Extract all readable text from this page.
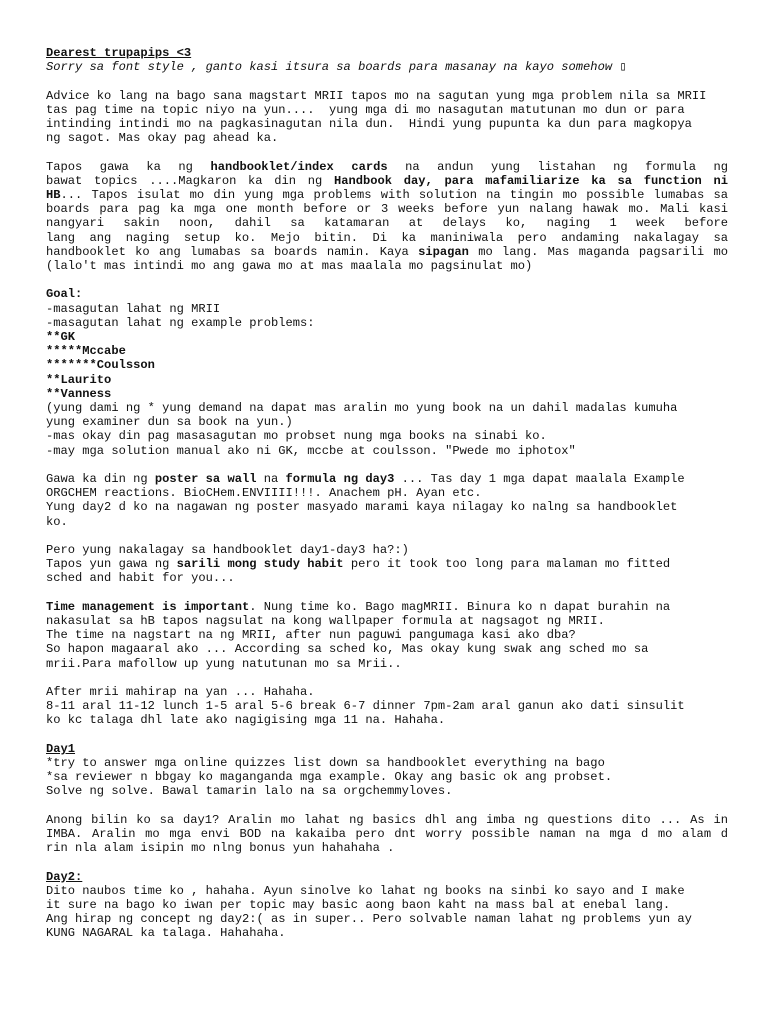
Dearest trupapips <3
Sorry sa font style , ganto kasi itsura sa boards para masanay na kayo somehow ▯
Advice ko lang na bago sana magstart MRII tapos mo na sagutan yung mga problem nila sa MRII
tas pag time na topic niyo na yun....  yung mga di mo nasagutan matutunan mo dun or para
intinding intindi mo na pagkasinagutan nila dun.  Hindi yung pupunta ka dun para magkopya
ng sagot. Mas okay pag ahead ka.
Tapos gawa ka ng handbooklet/index cards na andun yung listahan ng formula ng
bawat topics ....Magkaron ka din ng Handbook day, para mafamiliarize ka sa function ni
HB... Tapos isulat mo din yung mga problems with solution na tingin mo possible lumabas sa
boards para pag ka mga one month before or 3 weeks before yun nalang hawak mo. Mali kasi
nangyari sakin noon, dahil sa katamaran at delays ko, naging 1 week before
lang ang naging setup ko. Mejo bitin. Di ka maniniwala pero andaming nakalagay sa
handbooklet ko ang lumabas sa boards namin. Kaya sipagan mo lang. Mas maganda pagsarili mo
(lalo't mas intindi mo ang gawa mo at mas maalala mo pagsinulat mo)
Goal:
-masagutan lahat ng MRII
-masagutan lahat ng example problems:
**GK
*****Mccabe
*******Coulsson
**Laurito
**Vanness
(yung dami ng * yung demand na dapat mas aralin mo yung book na un dahil madalas kumuha
yung examiner dun sa book na yun.)
-mas okay din pag masasagutan mo probset nung mga books na sinabi ko.
-may mga solution manual ako ni GK, mccbe at coulsson. "Pwede mo iphotox"
Gawa ka din ng poster sa wall na formula ng day3 ... Tas day 1 mga dapat maalala Example
ORGCHEM reactions. BioCHem.ENVIIII!!!. Anachem pH. Ayan etc.
Yung day2 d ko na nagawan ng poster masyado marami kaya nilagay ko nalng sa handbooklet
ko.
Pero yung nakalagay sa handbooklet day1-day3 ha?:)
Tapos yun gawa ng sarili mong study habit pero it took too long para malaman mo fitted
sched and habit for you...
Time management is important. Nung time ko. Bago magMRII. Binura ko n dapat burahin na
nakasulat sa hB tapos nagsulat na kong wallpaper formula at nagsagot ng MRII.
The time na nagstart na ng MRII, after nun paguwi pangumaga kasi ako dba?
So hapon magaaral ako ... According sa sched ko, Mas okay kung swak ang sched mo sa
mrii.Para mafollow up yung natutunan mo sa Mrii..
After mrii mahirap na yan ... Hahaha.
8-11 aral 11-12 lunch 1-5 aral 5-6 break 6-7 dinner 7pm-2am aral ganun ako dati sinsulit
ko kc talaga dhl late ako nagigising mga 11 na. Hahaha.
Day1
*try to answer mga online quizzes list down sa handbooklet everything na bago
*sa reviewer n bbgay ko maganganda mga example. Okay ang basic ok ang probset.
Solve ng solve. Bawal tamarin lalo na sa orgchemmyloves.
Anong bilin ko sa day1? Aralin mo lahat ng basics dhl ang imba ng questions dito ... As in
IMBA. Aralin mo mga envi BOD na kakaiba pero dnt worry possible naman na mga d mo alam d
rin nla alam isipin mo nlng bonus yun hahahaha .
Day2:
Dito naubos time ko , hahaha. Ayun sinolve ko lahat ng books na sinbi ko sayo and I make
it sure na bago ko iwan per topic may basic aong baon kaht na mass bal at enebal lang.
Ang hirap ng concept ng day2:( as in super.. Pero solvable naman lahat ng problems yun ay
KUNG NAGARAL ka talaga. Hahahaha.
